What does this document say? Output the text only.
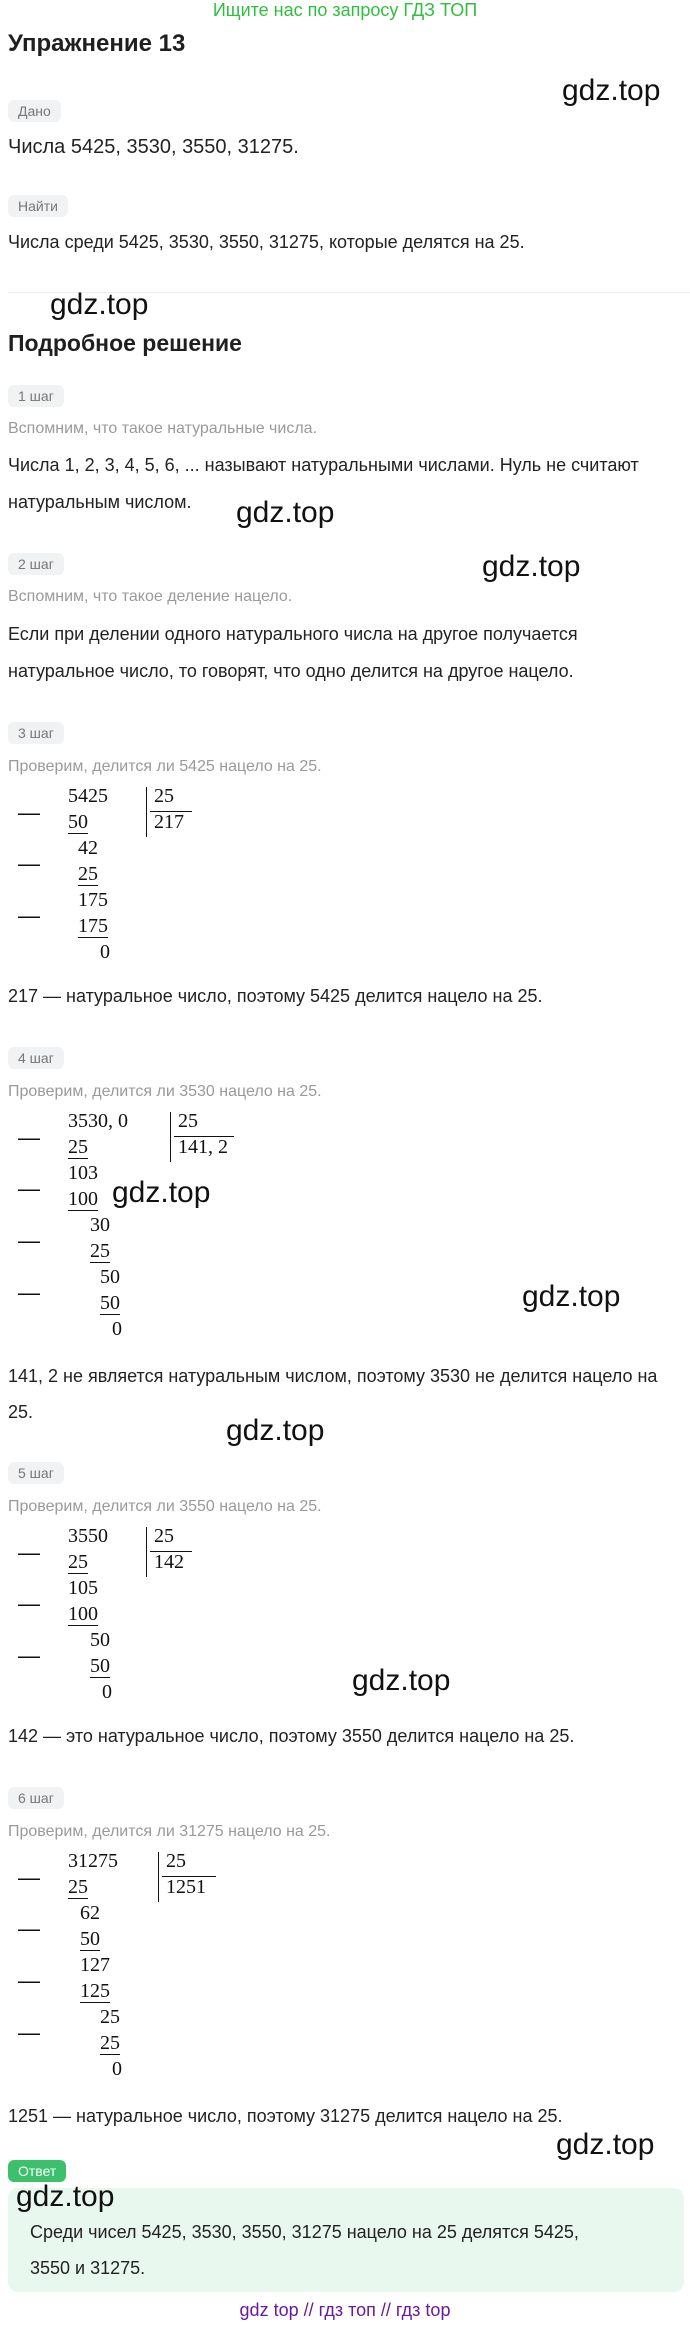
Ищите нас по запросу ГДЗ ТОП
Упражнение 13
gdz.top
Дано
Числа 5425, 3530, 3550, 31275.
Найти
Числа среди 5425, 3530, 3550, 31275, которые делятся на 25.
gdz.top
Подробное решение
1 шаг
Вспомним, что такое натуральные числа.
Числа 1, 2, 3, 4, 5, 6, ... называют натуральными числами. Нуль не считают
натуральным числом. gdz.top
2 шаг	gdz.top
Вспомним, что такое деление нацело.
Если при делении одного натурального числа на другое получается
натуральное число, то говорят, что одно делится на другое нацело.
3 шаг
Проверим, делится ли 5425 нацело на 25.
—
—
—
5425 25
217
50
42
25
175
175
0
217 — натуральное число, поэтому 5425 делится нацело на 25.
4 шаг
Проверим, делится ли 3530 нацело на 25.
—
—
—
—
3530, 0	25
141, 2
25
103
100
30
25
50
50
0
gdz.top
gdz.top
141, 2 не является натуральным числом, поэтому 3530 не делится нацело на
25.
gdz.top
5 шаг
Проверим, делится ли 3550 нацело на 25.
—
—
—
3550 25
142
25
105
100
50
50
0	gdz.top
142 — это натуральное число, поэтому 3550 делится нацело на 25.
6 шаг
Проверим, делится ли 31275 нацело на 25.
—
—
—
—
31275 25
1251
25
62
50
127
125
25
25
0
1251 — натуральное число, поэтому 31275 делится нацело на 25.
gdz.top
Ответ
Среди чисел 5425, 3530, 3550, 31275 нацело на 25 делятся 5425,
3550 и 31275.
gdz.top
gdz top // гдз топ // гдз top
